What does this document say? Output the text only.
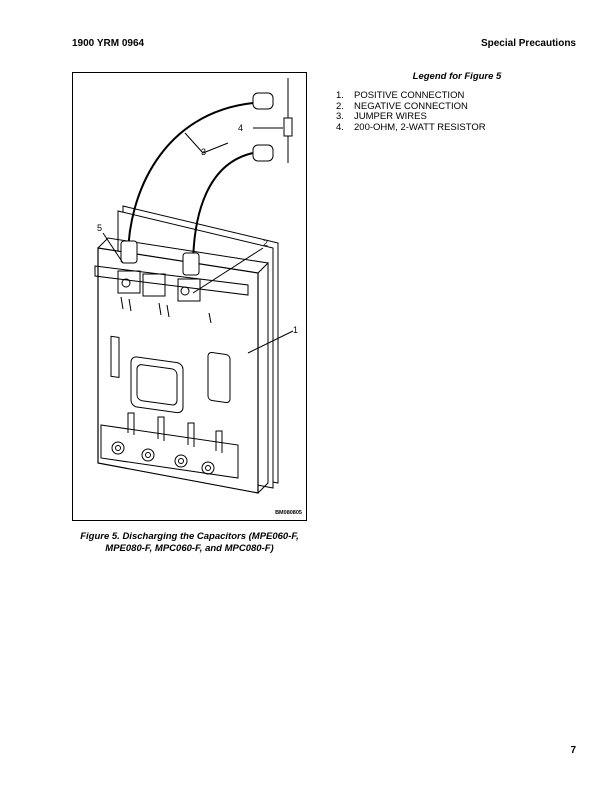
1900 YRM 0964	Special Precautions
1
2
3
4
5
BM080805
Figure 5. Discharging the Capacitors (MPE060-F,
MPE080-F, MPC060-F, and MPC080-F)
Legend for Figure 5
1.	POSITIVE CONNECTION
2.	NEGATIVE CONNECTION
3.	JUMPER WIRES
4.	200-OHM, 2-WATT RESISTOR
7
